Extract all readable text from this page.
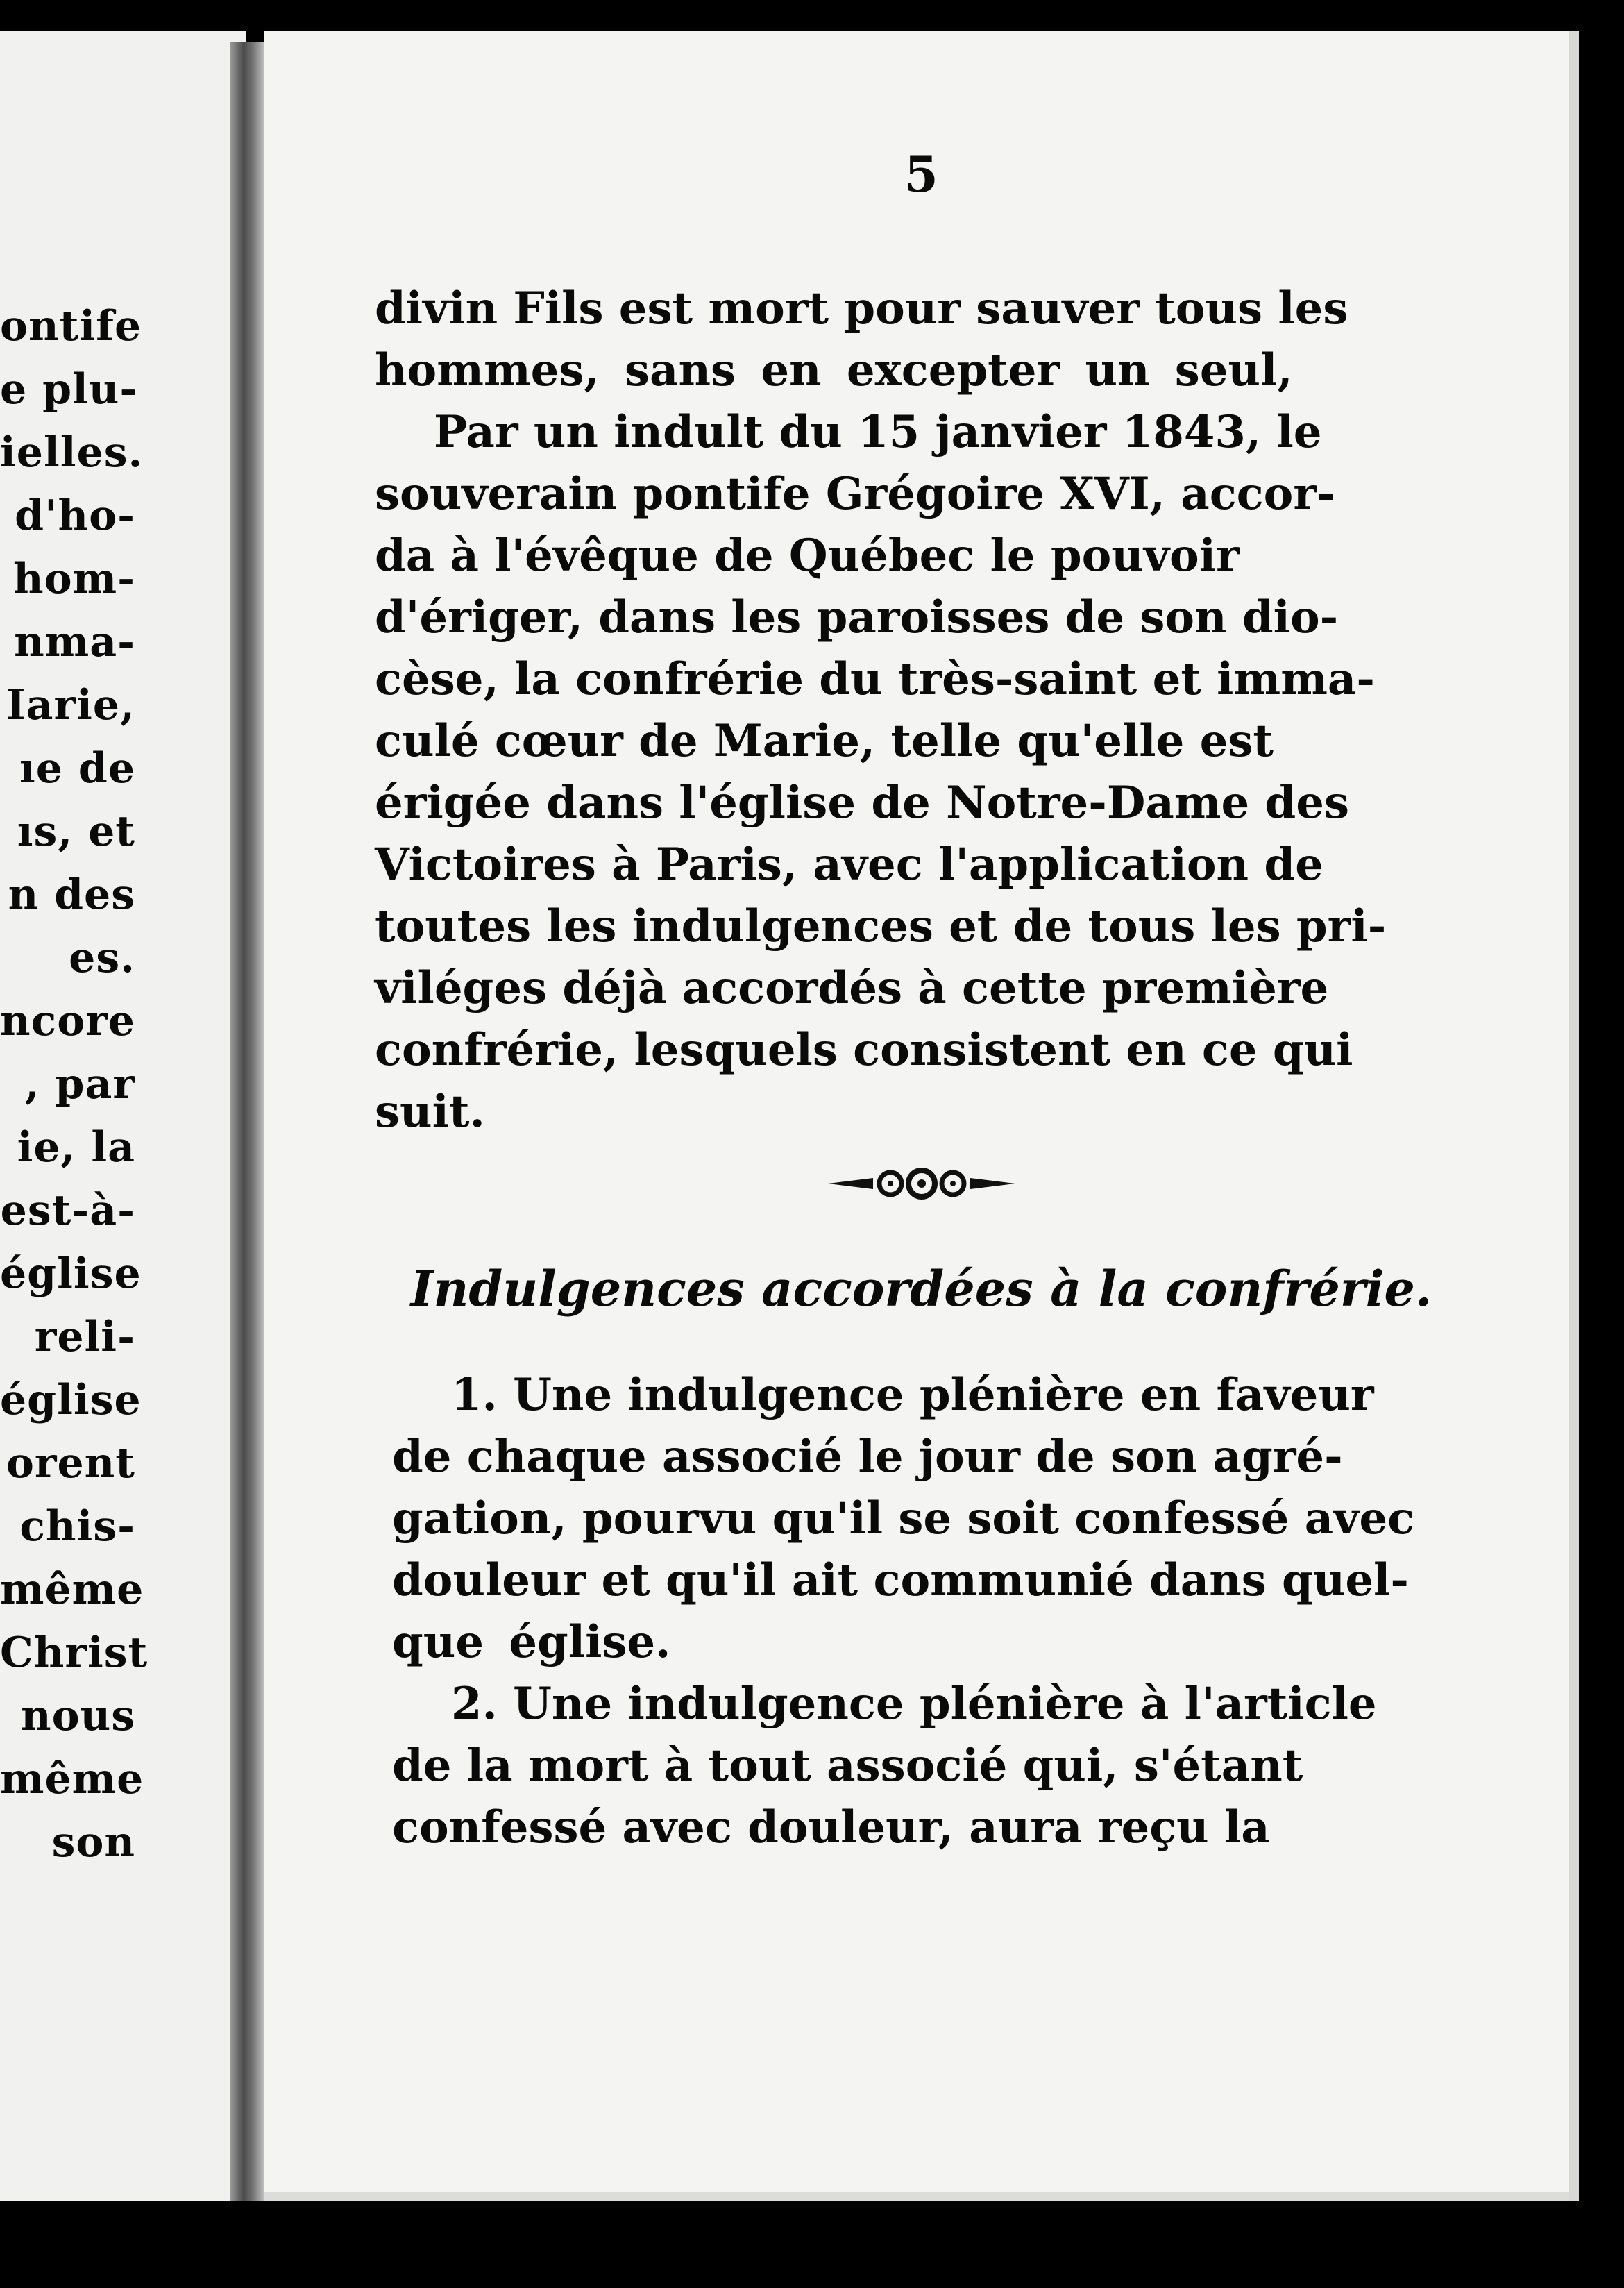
ontife
e plu-
ielles.
d'ho-
hom-
nma-
Iarie,
ıe de
ıs, et
n des
es.
ncore
, par
ie, la
est-à-
église
reli-
église
orent
chis-
même
Christ
nous
même
son
5
divin Fils est mort pour sauver tous les
hommes, sans en excepter un seul,
Par un indult du 15 janvier 1843, le
souverain pontife Grégoire XVI, accor-
da à l'évêque de Québec le pouvoir
d'ériger, dans les paroisses de son dio-
cèse, la confrérie du très-saint et imma-
culé cœur de Marie, telle qu'elle est
érigée dans l'église de Notre-Dame des
Victoires à Paris, avec l'application de
toutes les indulgences et de tous les pri-
viléges déjà accordés à cette première
confrérie, lesquels consistent en ce qui
suit.
Indulgences accordées à la confrérie.
1. Une indulgence plénière en faveur
de chaque associé le jour de son agré-
gation, pourvu qu'il se soit confessé avec
douleur et qu'il ait communié dans quel-
que église.
2. Une indulgence plénière à l'article
de la mort à tout associé qui, s'étant
confessé avec douleur, aura reçu la
